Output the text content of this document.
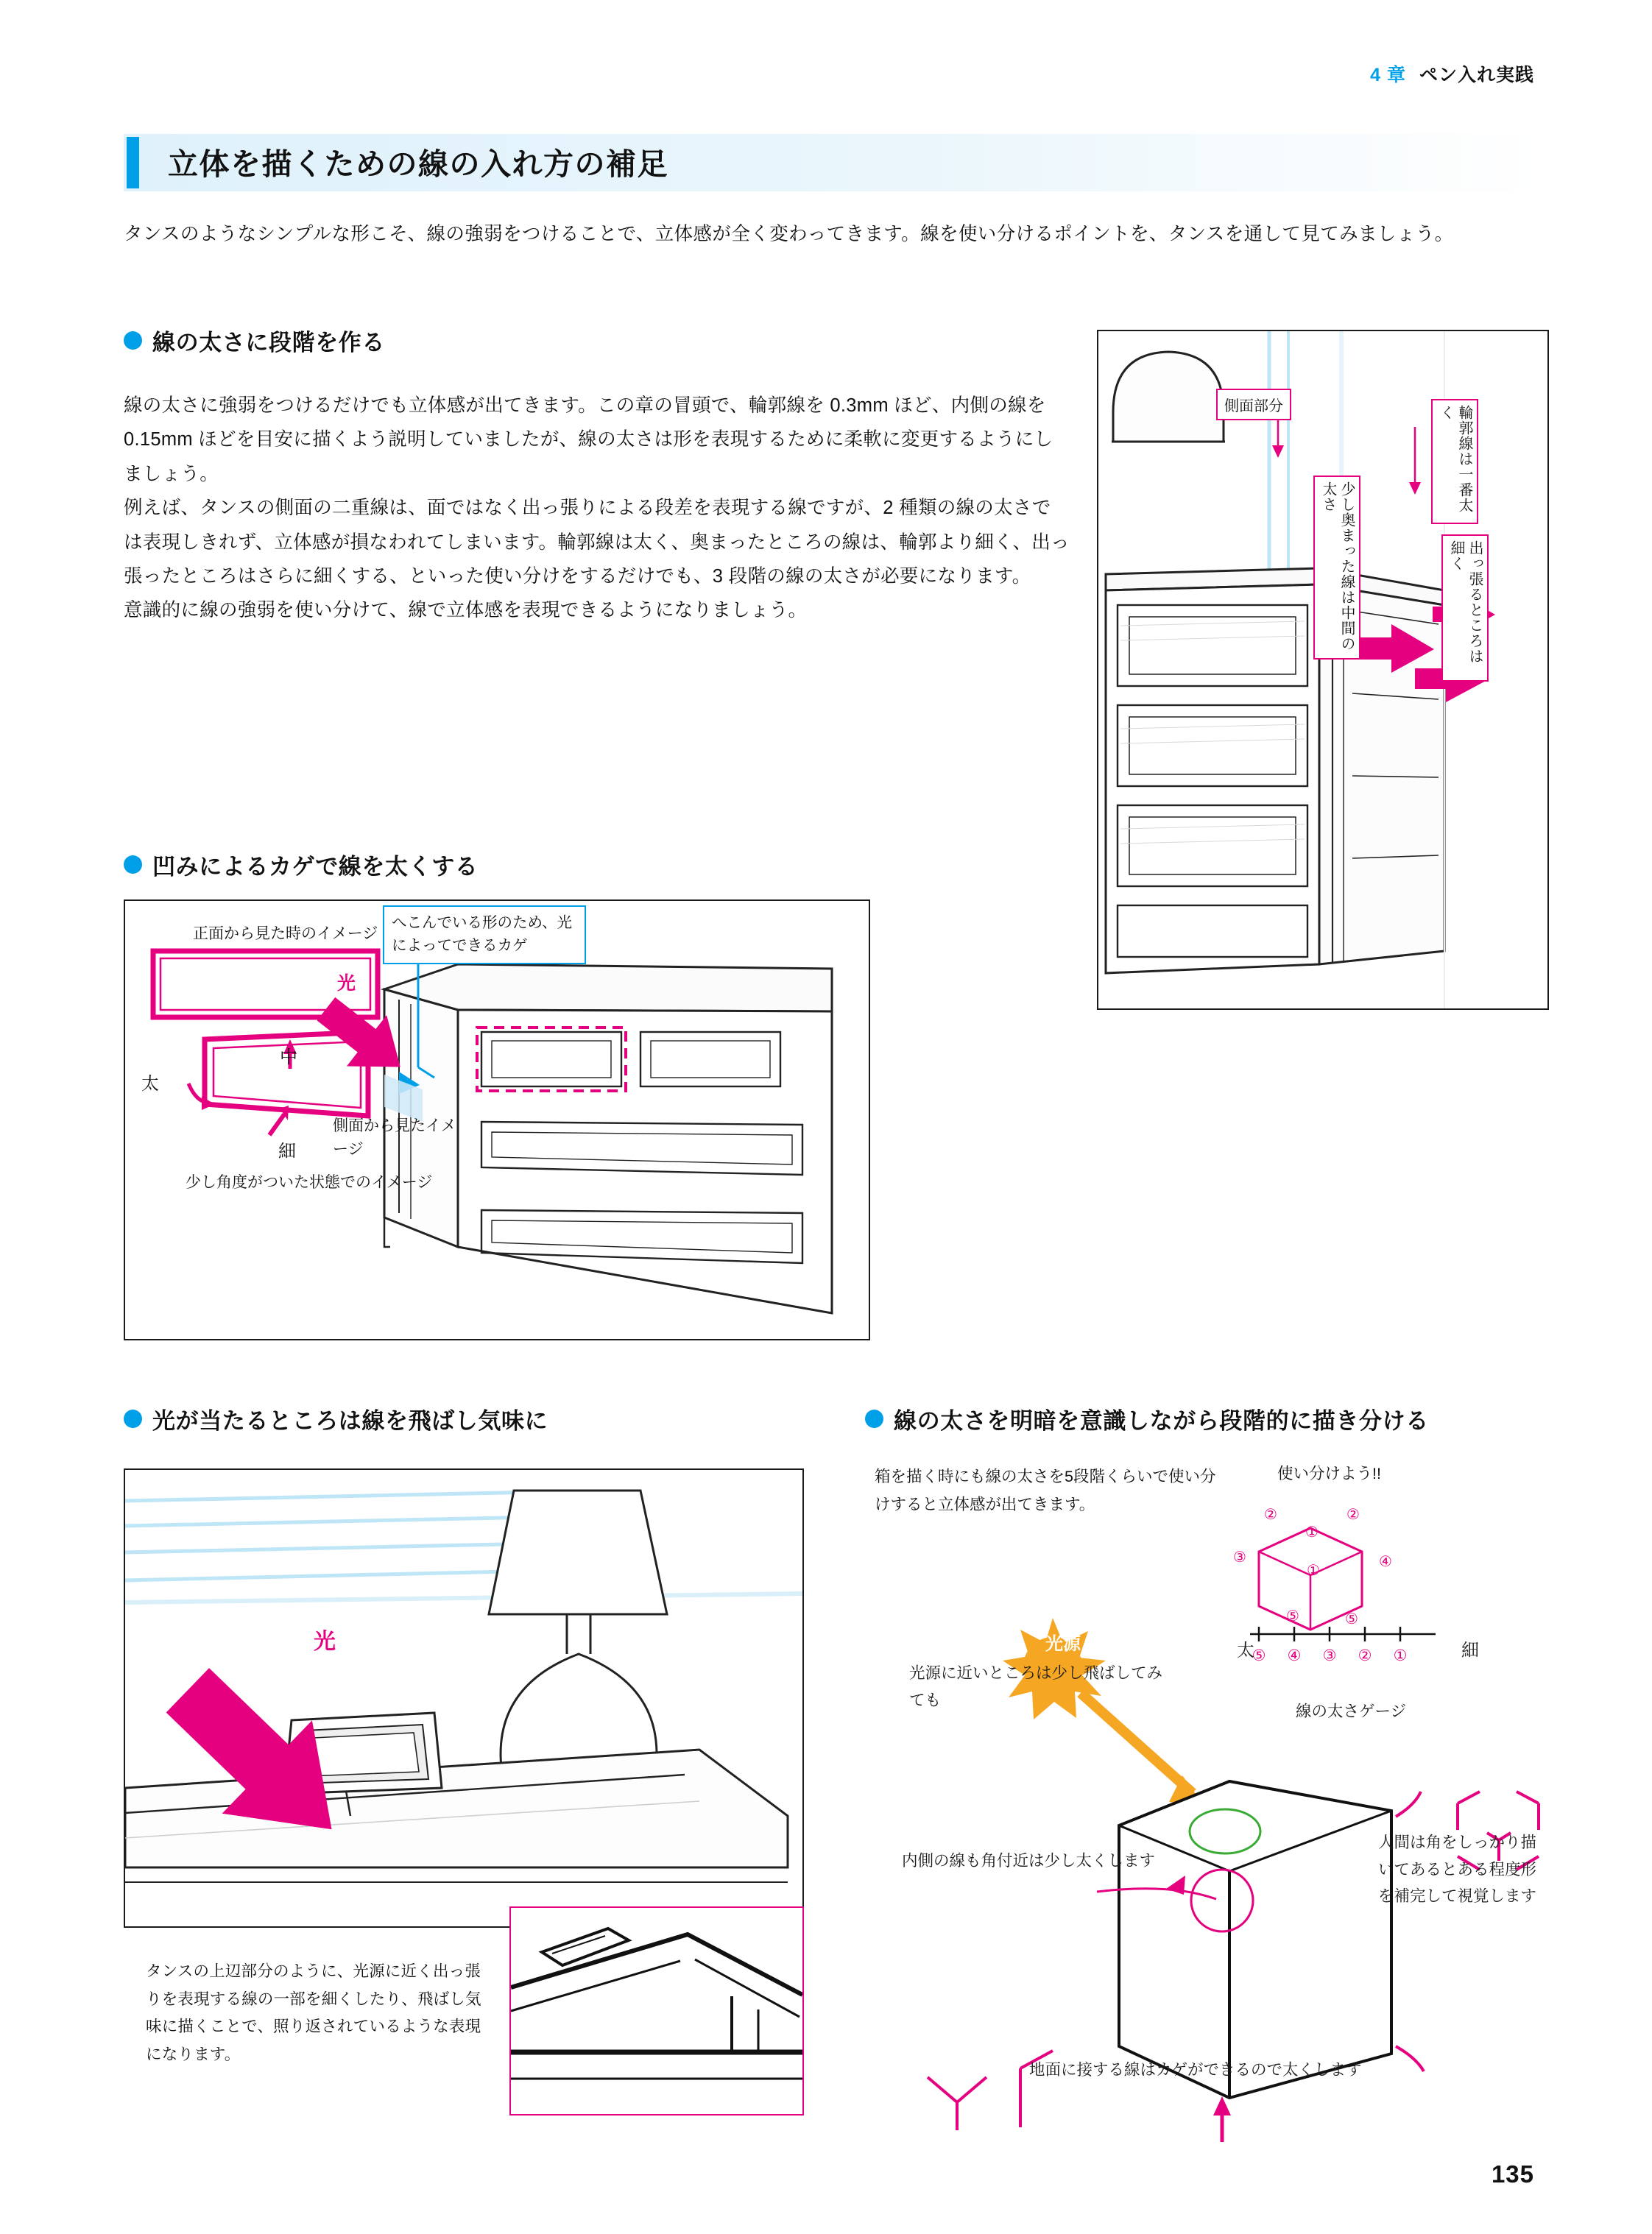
4 章 ペン入れ実践
立体を描くための線の入れ方の補足
タンスのようなシンプルな形こそ、線の強弱をつけることで、立体感が全く変わってきます。線を使い分けるポイントを、タンスを通して見てみましょう。
線の太さに段階を作る

線の太さに強弱をつけるだけでも立体感が出てきます。この章の冒頭で、輪郭線を 0.3mm ほど、内側の線を 0.15mm ほどを目安に描くよう説明していましたが、線の太さは形を表現するために柔軟に変更するようにしましょう。

例えば、タンスの側面の二重線は、面ではなく出っ張りによる段差を表現する線ですが、2 種類の線の太さでは表現しきれず、立体感が損なわれてしまいます。輪郭線は太く、奥まったところの線は、輪郭より細く、出っ張ったところはさらに細くする、といった使い分けをするだけでも、3 段階の線の太さが必要になります。

意識的に線の強弱を使い分けて、線で立体感を表現できるようになりましょう。

側面部分	輪郭線は一番太く
少し奥まった線は中間の太さ
出っ張るところは細く
凹みによるカゲで線を太くする
正面から見た時のイメージ
へこんでいる形のため、光によってできるカゲ
光
太
中
細
側面から見たイメージ
少し角度がついた状態でのイメージ
光が当たるところは線を飛ばし気味に
光
タンスの上辺部分のように、光源に近く出っ張りを表現する線の一部を細くしたり、飛ばし気味に描くことで、照り返されているような表現になります。
線の太さを明暗を意識しながら段階的に描き分ける
箱を描く時にも線の太さを5段階くらいで使い分けすると立体感が出てきます。
使い分けよう!!
②
①
②
③
①
④
⑤	⑤
⑤ ④ ③ ② ①
太	細
線の太さゲージ
光源
光源に近いところは少し飛ばしてみても
内側の線も角付近は少し太くします
人間は角をしっかり描いてあるとある程度形を補完して視覚します
地面に接する線はカゲができるので太くします
135
